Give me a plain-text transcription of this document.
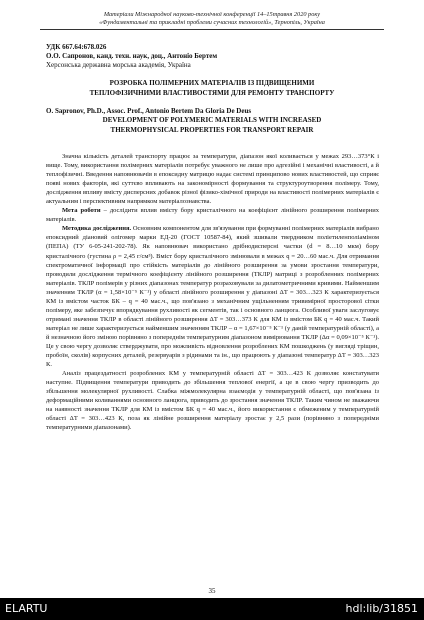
Матеріали Міжнародної науково-технічної конференції 14–15травня 2020 року
«Фундаментальні та прикладні проблеми сучасних технологій», Тернопіль, Україна
УДК 667.64:678.026
О.О. Сапронов, канд. техн. наук, доц., Антоніо Бертем
Херсонська державна морська академія, Україна
РОЗРОБКА ПОЛІМЕРНИХ МАТЕРІАЛІВ ІЗ ПІДВИЩЕНИМИ
ТЕПЛОФІЗИЧНИМИ ВЛАСТИВОСТЯМИ ДЛЯ РЕМОНТУ ТРАНСПОРТУ
O. Sapronov, Ph.D., Assoc. Prof., Antonio Bertem Da Gloria De Deus
DEVELOPMENT OF POLYMERIC MATERIALS WITH INCREASED
THERMOPHYSICAL PROPERTIES FOR TRANSPORT REPAIR

Значна кількість деталей транспорту працює за температури, діапазон якої коливається у межах 293…373°К і вище. Тому, використання полімерних матеріалів потребує уважного не лише про адгезійні і механічні властивості, а й теплофізичні. Введення наповнювачів в епоксидну матрицю надає системі принципово нових властивостей, що сприяє появі нових факторів, які суттєво впливають на закономірності формування та структуроутворення полімеру. Тому, дослідження впливу вмісту дисперсних добавок різної фізико-хімічної природи на властивості полімерних матеріалів є актуальним і перспективним напрямком матеріалознавства.

Мета роботи – дослідити вплив вмісту бору кристалічного на коефіцієнт лінійного розширення полімерних матеріалів.

Методика дослідження. Основним компонентом для зв'язування при формуванні полімерних матеріалів вибрано епоксидний діановий олігомер марки ЕД-20 (ГОСТ 10587-84), який зшивали твердником поліетиленполіаміном (ПЕПА) (ТУ 6-05-241-202-78). Як наповнювач використано дрібнодисперсні частки (d = 8…10 мкм) бору кристалічного (густина ρ = 2,45 г/см³). Вміст бору кристалічного змінювали в межах q = 20…60 мас.ч. Для отримання спектроматичної інформації про стійкість матеріалів до лінійного розширення за умови зростання температури, проводили дослідження термічного коефіцієнту лінійного розширення (ТКЛР) матриці з розробленних полімерних матеріалів. ТКЛР полімерів у різних діапазонах температур розраховували за дилатометричними кривими. Найменшим значенням ТКЛР (α = 1,58×10⁻⁵ К⁻¹) у області лінійного розширення у діапазоні ΔT = 303…323 К характеризується КМ із вмістом часток БК – q = 40 мас.ч., що пов'язано з механічним ущільненням тривимірної просторової сітки полімеру, яке забезпечує впорядкування рухливості як сегментів, так і основного ланцюга. Особливої уваги заслуговує отримані значення ТКЛР в області лінійного розширення ΔT = 303…373 К для КМ із вмістом БК q = 40 мас.ч. Такий матеріал не лише характеризується найменшим значенням ТКЛР – α = 1,67×10⁻⁵ К⁻¹ (у даній температурній області), а й незначною його зміною порівняно з попереднім температурним діапазоном вимірювання ТКЛР (Δα = 0,09×10⁻⁵ К⁻¹). Це у свою чергу дозволяє стверджувати, про можливість відновлення розроблених КМ пошкоджень (у вигляді тріщин, пробоїн, сколів) корпусних деталей, резервуарів з рідинами та ін., що працюють у діапазоні температур ΔT = 303…323 К.

Аналіз працездатності розроблених КМ у температурній області ΔT = 303…423 К дозволяє констатувати наступне. Підвищення температури приводить до збільшення теплової енергії, а це в свою чергу призводить до збільшення молекулярної рухливості. Слабка міжмолекулярна взаємодія у температурній області, що пов'язана із деформаційними коливаннями основного ланцюга, приводить до зростання значення ТКЛР. Таким чином не зважаючи на наявності значення ТКЛР для КМ із вмістом БК q = 40 мас.ч., його використання є обмеженим у температурній області ΔT = 303…423 К, поза як лінійне розширення матеріалу зростає у 2,5 рази (порівняно з попередніми температурними діапазонами).

35
ELARTU	hdl:lib/31851
